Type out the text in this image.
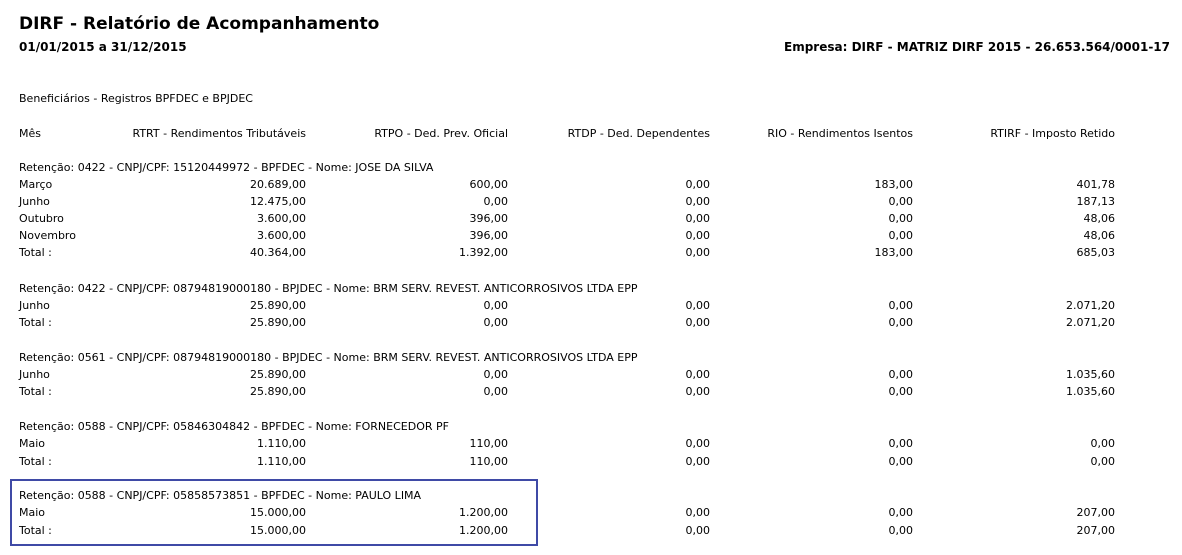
DIRF - Relatório de Acompanhamento
01/01/2015 a 31/12/2015	Empresa: DIRF - MATRIZ DIRF 2015 - 26.653.564/0001-17
Beneficiários - Registros BPFDEC e BPJDEC
Mês	RTRT - Rendimentos Tributáveis	RTPO - Ded. Prev. Oficial	RTDP - Ded. Dependentes	RIO - Rendimentos Isentos	RTIRF - Imposto Retido
Retenção: 0422 - CNPJ/CPF: 15120449972 - BPFDEC - Nome: JOSE DA SILVA
Março	20.689,00	600,00	0,00	183,00	401,78
Junho	12.475,00	0,00	0,00	0,00	187,13
Outubro	3.600,00	396,00	0,00	0,00	48,06
Novembro	3.600,00	396,00	0,00	0,00	48,06
Total :	40.364,00	1.392,00	0,00	183,00	685,03
Retenção: 0422 - CNPJ/CPF: 08794819000180 - BPJDEC - Nome: BRM SERV. REVEST. ANTICORROSIVOS LTDA EPP
Junho	25.890,00	0,00	0,00	0,00	2.071,20
Total :	25.890,00	0,00	0,00	0,00	2.071,20
Retenção: 0561 - CNPJ/CPF: 08794819000180 - BPJDEC - Nome: BRM SERV. REVEST. ANTICORROSIVOS LTDA EPP
Junho	25.890,00	0,00	0,00	0,00	1.035,60
Total :	25.890,00	0,00	0,00	0,00	1.035,60
Retenção: 0588 - CNPJ/CPF: 05846304842 - BPFDEC - Nome: FORNECEDOR PF
Maio	1.110,00	110,00	0,00	0,00	0,00
Total :	1.110,00	110,00	0,00	0,00	0,00
Retenção: 0588 - CNPJ/CPF: 05858573851 - BPFDEC - Nome: PAULO LIMA
Maio	15.000,00	1.200,00	0,00	0,00	207,00
Total :	15.000,00	1.200,00	0,00	0,00	207,00
